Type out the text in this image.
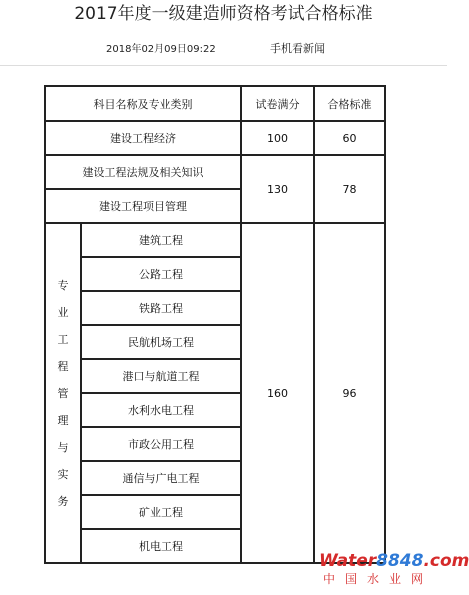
2017年度一级建造师资格考试合格标准
2018年02月09日09:22	手机看新闻
科目名称及专业类别		试卷满分	合格标准
建设工程经济		100	60
建设工程法规及相关知识		130	78
建设工程项目管理			
专业工程管理与实务	建筑工程	160	96
	公路工程		
	铁路工程		
	民航机场工程		
	港口与航道工程		
	水利水电工程		
	市政公用工程		
	通信与广电工程		
	矿业工程		
	机电工程		
Water8848.com
中国水业网
